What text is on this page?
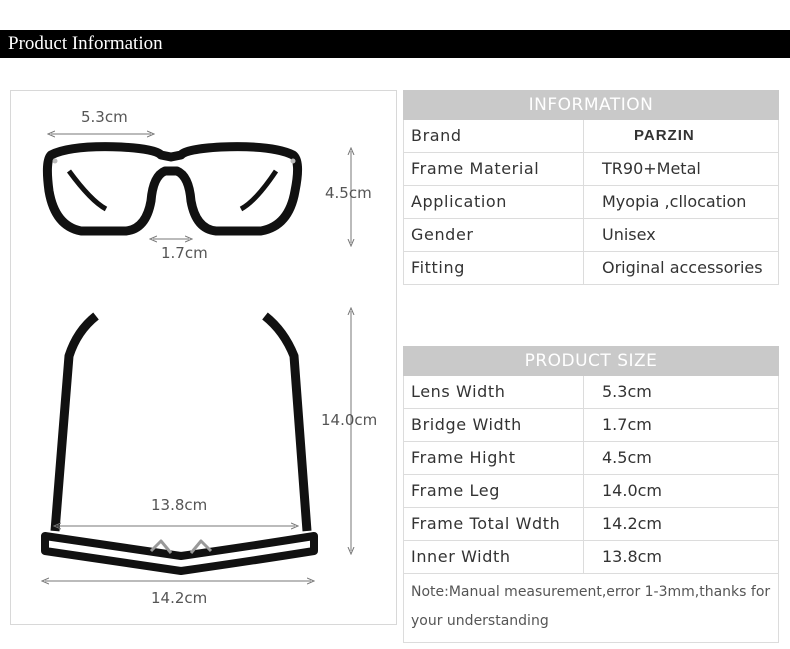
Product Information
5.3cm
4.5cm
1.7cm
14.0cm
13.8cm
14.2cm
INFORMATION
Brand	PARZIN
Frame Material	TR90+Metal
Application	Myopia ,cllocation
Gender	Unisex
Fitting	Original accessories
PRODUCT SIZE
Lens Width	5.3cm
Bridge Width	1.7cm
Frame Hight	4.5cm
Frame Leg	14.0cm
Frame Total Wdth	14.2cm
Inner Width	13.8cm
Note:Manual measurement,error 1-3mm,thanks for your understanding
